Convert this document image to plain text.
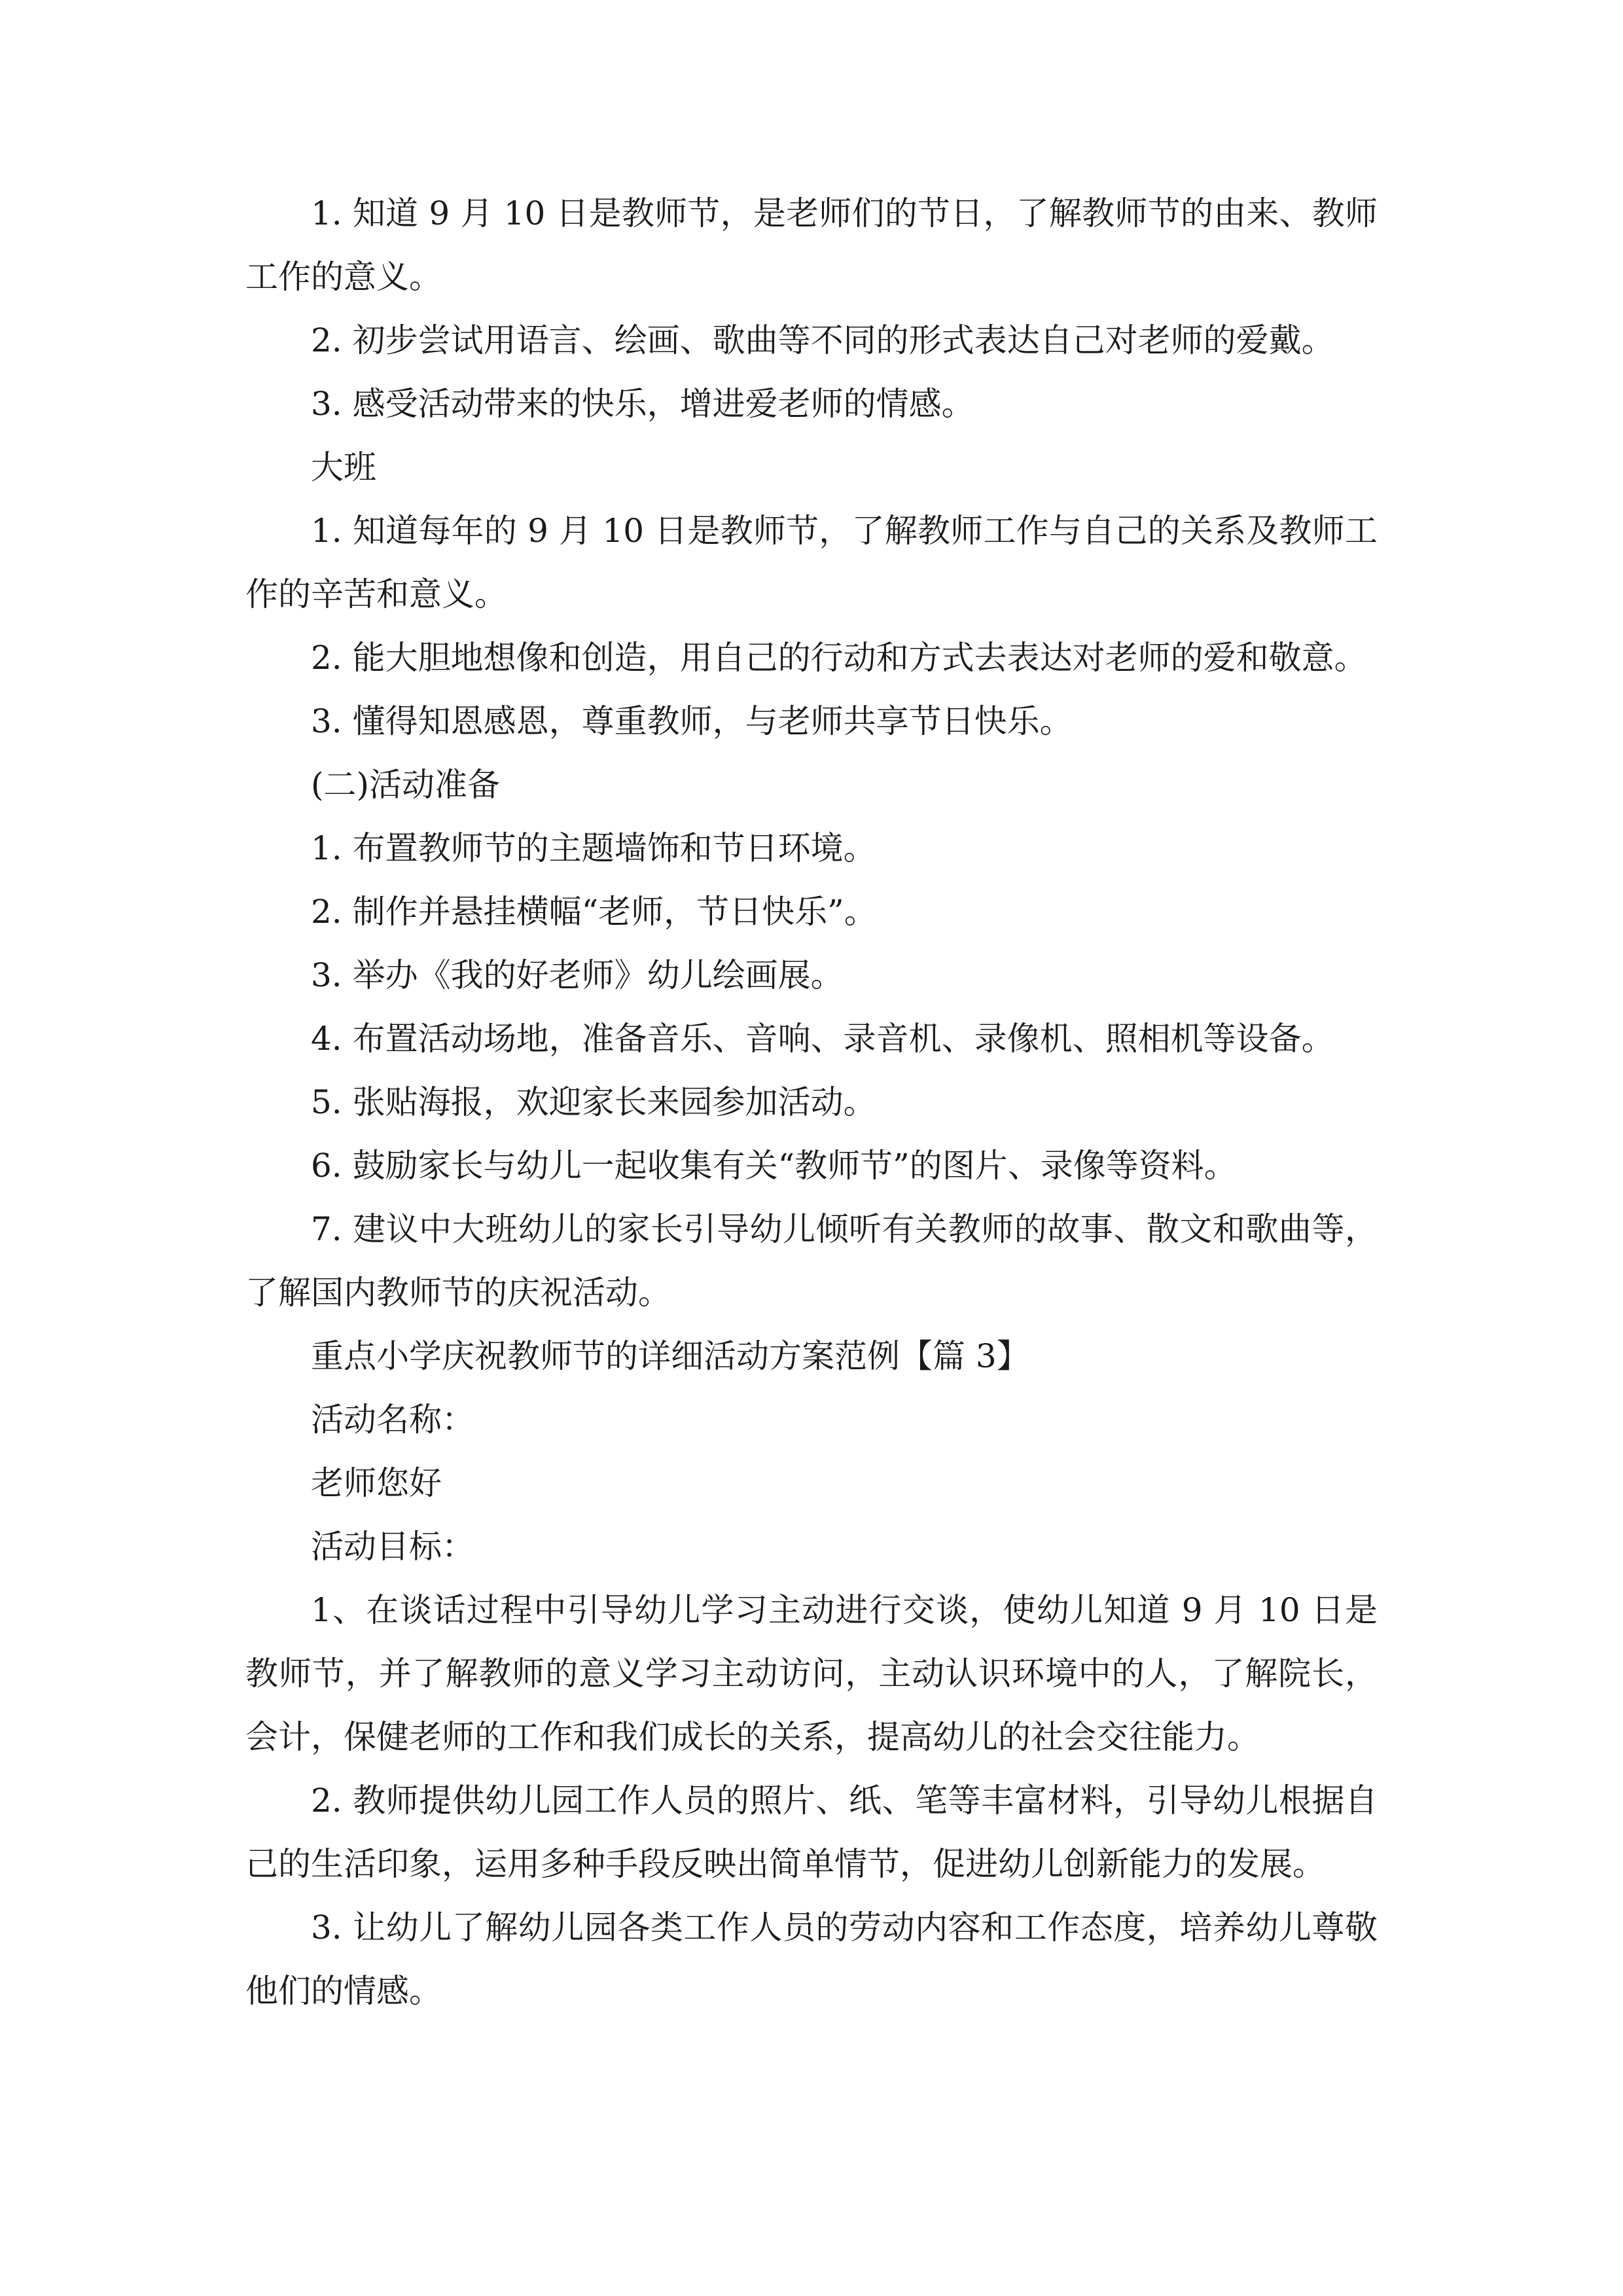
1. 知道 9 月 10 日是教师节，是老师们的节日，了解教师节的由来、教师工作的意义。

2. 初步尝试用语言、绘画、歌曲等不同的形式表达自己对老师的爱戴。

3. 感受活动带来的快乐，增进爱老师的情感。

大班

1. 知道每年的 9 月 10 日是教师节，了解教师工作与自己的关系及教师工作的辛苦和意义。

2. 能大胆地想像和创造，用自己的行动和方式去表达对老师的爱和敬意。

3. 懂得知恩感恩，尊重教师，与老师共享节日快乐。

(二)活动准备

1. 布置教师节的主题墙饰和节日环境。

2. 制作并悬挂横幅“老师，节日快乐”。

3. 举办《我的好老师》幼儿绘画展。

4. 布置活动场地，准备音乐、音响、录音机、录像机、照相机等设备。

5. 张贴海报，欢迎家长来园参加活动。

6. 鼓励家长与幼儿一起收集有关“教师节”的图片、录像等资料。

7. 建议中大班幼儿的家长引导幼儿倾听有关教师的故事、散文和歌曲等，了解国内教师节的庆祝活动。

重点小学庆祝教师节的详细活动方案范例【篇 3】

活动名称：

老师您好

活动目标：

1、在谈话过程中引导幼儿学习主动进行交谈，使幼儿知道 9 月 10 日是教师节，并了解教师的意义学习主动访问，主动认识环境中的人，了解院长，会计，保健老师的工作和我们成长的关系，提高幼儿的社会交往能力。

2. 教师提供幼儿园工作人员的照片、纸、笔等丰富材料，引导幼儿根据自己的生活印象，运用多种手段反映出简单情节，促进幼儿创新能力的发展。

3. 让幼儿了解幼儿园各类工作人员的劳动内容和工作态度，培养幼儿尊敬他们的情感。
